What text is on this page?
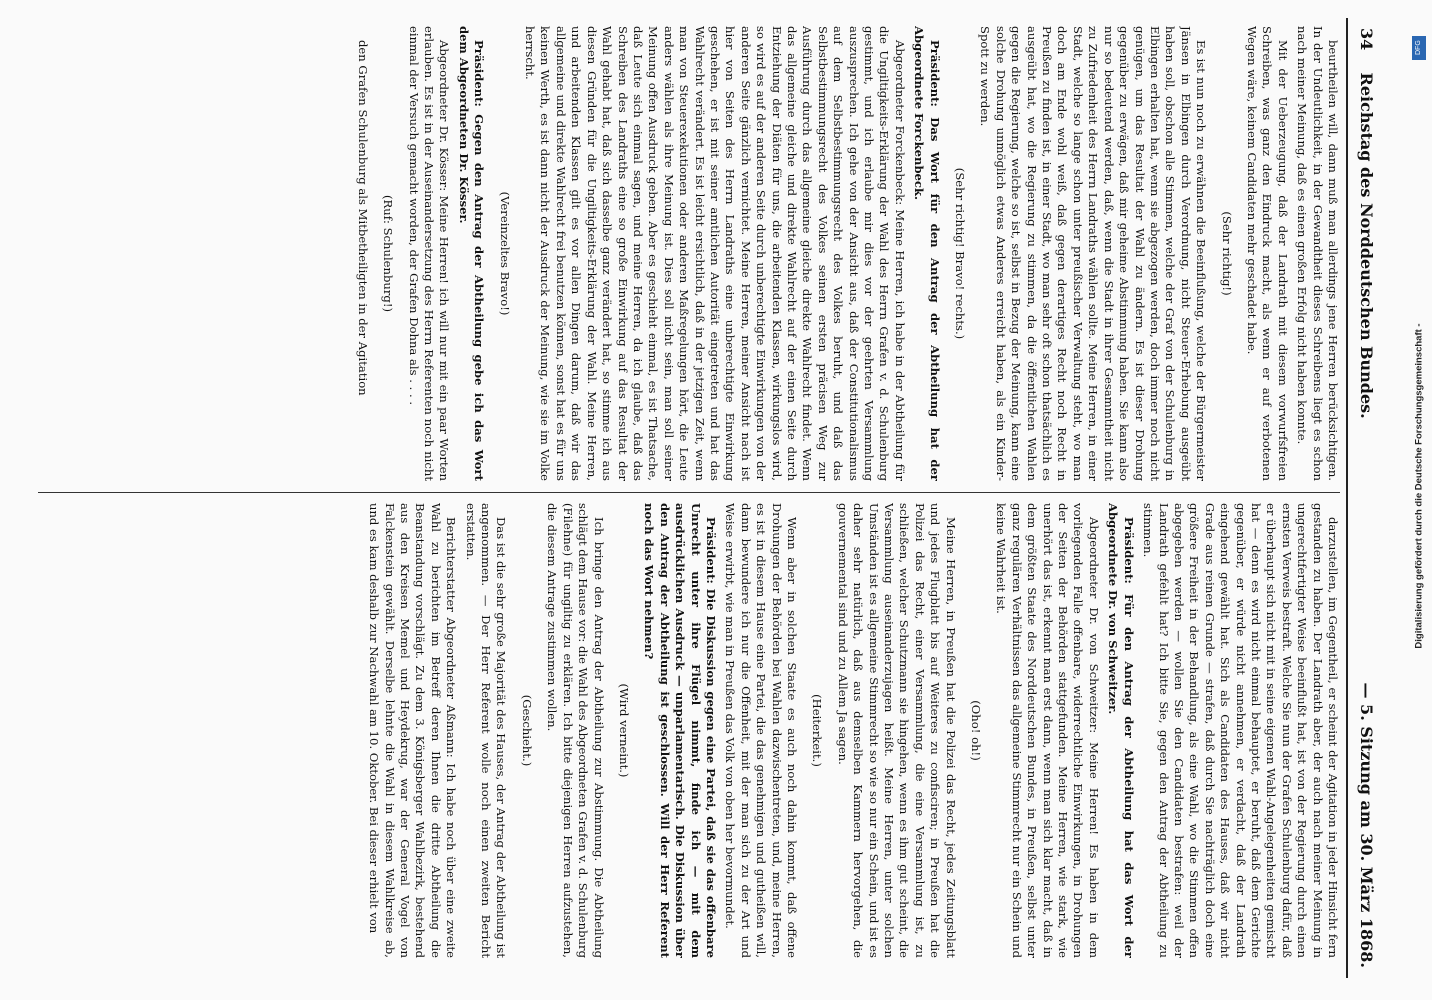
34    Reichstag des Norddeutschen Bundes.
— 5. Sitzung am 30. März 1868.

beurtheilen will, dann muß man allerdings jene Herren berücksichtigen. In der Undeutlichkeit, in der Gewandtheit dieses Schreibens liegt es schon nach meiner Meinung, daß es einen großen Erfolg nicht haben konnte.

Mit der Ueberzeugung, daß der Landrath mit diesem vorwurfsfreien Schreiben, was ganz den Eindruck macht, als wenn er auf verbotenen Wegen wäre, keinem Candidaten mehr geschadet habe.

(Sehr richtig!)

Es ist nun noch zu erwähnen die Beeinflußung, welche der Bürgermeister Jänsen in Elbingen durch Verordnung, nicht Steuer-Erhebung ausgeübt haben soll, obschon alle Stimmen, welche der Graf von der Schulenburg in Elbingen erhalten hat, wenn sie abgezogen werden, doch immer noch nicht genügen, um das Resultat der Wahl zu ändern. Es ist dieser Drohung gegenüber zu erwägen, daß mir geheime Abstimmung haben. Sie kann also nur so bedeutend werden, daß, wenn die Stadt in ihrer Gesammtheit nicht zu Zufriedenheit des Herrn Landraths wählen sollte. Meine Herren, in einer Stadt, welche so lange schon unter preußischer Verwaltung steht, wo man doch am Ende wohl weiß, daß gegen derartiges Recht noch Recht in Preußen zu finden ist, in einer Stadt, wo man sehr oft schon thatsächlich es ausgeübt hat, wo die Regierung zu stimmen, da die öffentlichen Wahlen gegen die Regierung, welche so ist, selbst in Bezug der Meinung, kann eine solche Drohung unmöglich etwas Anderes erreicht haben, als ein Kinder-Spott zu werden.

(Sehr richtig! Bravo! rechts.)

Präsident: Das Wort für den Antrag der Abtheilung hat der Abgeordnete Forckenbeck.

Abgeordneter Forckenbeck: Meine Herren, ich habe in der Abtheilung für die Ungiltigkeits-Erklärung der Wahl des Herrn Grafen v. d. Schulenburg gestimmt, und ich erlaube mir dies vor der geehrten Versammlung auszusprechen. Ich gehe von der Ansicht aus, daß der Constitutionalismus auf dem Selbstbestimmungsrecht des Volkes beruht, und daß das Selbstbestimmungsrecht des Volkes seinen ersten präcisen Weg zur Ausführung durch das allgemeine gleiche direkte Wahlrecht findet. Wenn das allgemeine gleiche und direkte Wahlrecht auf der einen Seite durch Entziehung der Diäten für uns, die arbeitenden Klassen, wirkungslos wird, so wird es auf der anderen Seite durch unberechtigte Einwirkungen von der anderen Seite gänzlich vernichtet. Meine Herren, meiner Ansicht nach ist hier von Seiten des Herrn Landraths eine unberechtigte Einwirkung geschehen, er ist mit seiner amtlichen Autorität eingetreten und hat das Wahlrecht verändert. Es ist leicht ersichtlich, daß in der jetzigen Zeit, wenn man von Steuerexekutionen oder anderen Maßregelungen hört, die Leute anders wählen als ihre Meinung ist. Dies soll nicht sein, man soll seiner Meinung offen Ausdruck geben. Aber es geschieht einmal, es ist Thatsache, daß Leute sich einmal sagen, und meine Herren, da ich glaube, daß das Schreiben des Landraths eine so große Einwirkung auf das Resultat der Wahl gehabt hat, daß sich dasselbe ganz verändert hat, so stimme ich aus diesen Gründen für die Ungiltigkeits-Erklärung der Wahl. Meine Herren, und arbeitenden Klassen gilt es vor allen Dingen darum, daß wir das allgemeine und direkte Wahlrecht frei benutzen können, sonst hat es für uns keinen Werth, es ist dann nicht der Ausdruck der Meinung, wie sie im Volke herrscht.

(Vereinzeltes Bravo!)

Präsident: Gegen den Antrag der Abtheilung gebe ich das Wort dem Abgeordneten Dr. Kösser.

Abgeordneter Dr. Kösser: Meine Herren! ich will nur mit ein paar Worten erlauben. Es ist in der Auseinandersetzung des Herrn Referenten noch nicht einmal der Versuch gemacht worden, der Grafen Dohna als . . . .

(Ruf: Schulenburg!)

den Grafen Schulenburg als Mitbetheiligten in der Agitation

darzustellen, im Gegentheil, er scheint der Agitation in jeder Hinsicht fern gestanden zu haben. Der Landrath aber, der auch nach meiner Meinung in ungerechtfertigter Weise beeinflußt hat, ist von der Regierung durch einen ernsten Verweis bestraft. Welche Sie nun der Grafen Schulenburg dafür, daß er überhaupt sich nicht mit in seine eigenen Wahl-Angelegenheiten gemischt hat — denn es wird nicht einmal behauptet, er beruht, daß dem Gerichte gegenüber, er würde nicht annehmen, er verdacht, daß der Landrath eingehend gewählt hat. Sich als Candidaten des Hauses, daß wir nicht Grade aus reinen Grunde — strafen, daß durch Sie nachträglich doch eine größere Freiheit in der Behandlung, als eine Wahl, wo die Stimmen offen abgegeben werden — wollen Sie den Candidaten bestrafen: weil der Landrath gefehlt hat? Ich bitte Sie, gegen den Antrag der Abtheilung zu stimmen.

Präsident: Für den Antrag der Abtheilung hat das Wort der Abgeordnete Dr. von Schweitzer.

Abgeordneter Dr. von Schweitzer: Meine Herren! Es haben in dem vorliegenden Falle offenbare, widerrechtliche Einwirkungen, in Drohungen der Seiten der Behörden stattgefunden. Meine Herren, wie stark, wie unerhört das ist, erkennt man erst dann, wenn man sich klar macht, daß in dem größten Staate des Norddeutschen Bundes, in Preußen, selbst unter ganz regulären Verhältnissen das allgemeine Stimmrecht nur ein Schein und keine Wahrheit ist.

(Oho! oh!)

Meine Herren, in Preußen hat die Polizei das Recht, jedes Zeitungsblatt und jedes Flugblatt bis auf Weiteres zu confisciren; in Preußen hat die Polizei das Recht, einer Versammlung, die eine Versammlung ist, zu schließen, welcher Schutzmann sie hingehen, wenn es ihm gut scheint, die Versammlung auseinanderzujagen heißt. Meine Herren, unter solchen Umständen ist es allgemeine Stimmrecht so wie so nur ein Schein, und ist es daher sehr natürlich, daß aus demselben Kammern hervorgehen, die gouvernemental sind und zu Allem Ja sagen.

(Heiterkeit.)

Wenn aber in solchen Staate es auch noch dahin kommt, daß offene Drohungen der Behörden bei Wahlen dazwischentreten, und, meine Herren, es ist in diesem Hause eine Partei, die das genehmigen und gutheißen will, dann bewundere ich nur die Offenheit, mit der man sich zu der Art und Weise erwirbt, wie man in Preußen das Volk von oben her bevormundet.

Präsident: Die Diskussion gegen eine Partei, daß sie das offenbare Unrecht unter ihre Flügel nimmt, finde ich — mit dem ausdrücklichen Ausdruck — unparlamentarisch. Die Diskussion über den Antrag der Abtheilung ist geschlossen. Will der Herr Referent noch das Wort nehmen?

(Wird verneint.)

Ich bringe den Antrag der Abtheilung zur Abstimmung. Die Abtheilung schlägt dem Hause vor: die Wahl des Abgeordneten Grafen v. d. Schulenburg (Filehne) für ungiltig zu erklären. Ich bitte diejenigen Herren aufzustehen, die diesem Antrage zustimmen wollen.

(Geschieht.)

Das ist die sehr große Majorität des Hauses, der Antrag der Abtheilung ist angenommen. — Der Herr Referent wolle noch einen zweiten Bericht erstatten.

Berichterstatter Abgeordneter Aßmann: Ich habe noch über eine zweite Wahl zu berichten im Betreff deren Ihnen die dritte Abtheilung die Beanstandung vorschlägt. Zu dem 3. Königsberger Wahlbezirk, bestehend aus den Kreisen Memel und Heydekrug, war der General Vogel von Falckenstein gewählt. Derselbe lehnte die Wahl in diesem Wahlkreise ab, und es kam deshalb zur Nachwahl am 10. Oktober. Bei dieser erhielt von

DFG
Digitalisierung gefördert durch die Deutsche Forschungsgemeinschaft -
